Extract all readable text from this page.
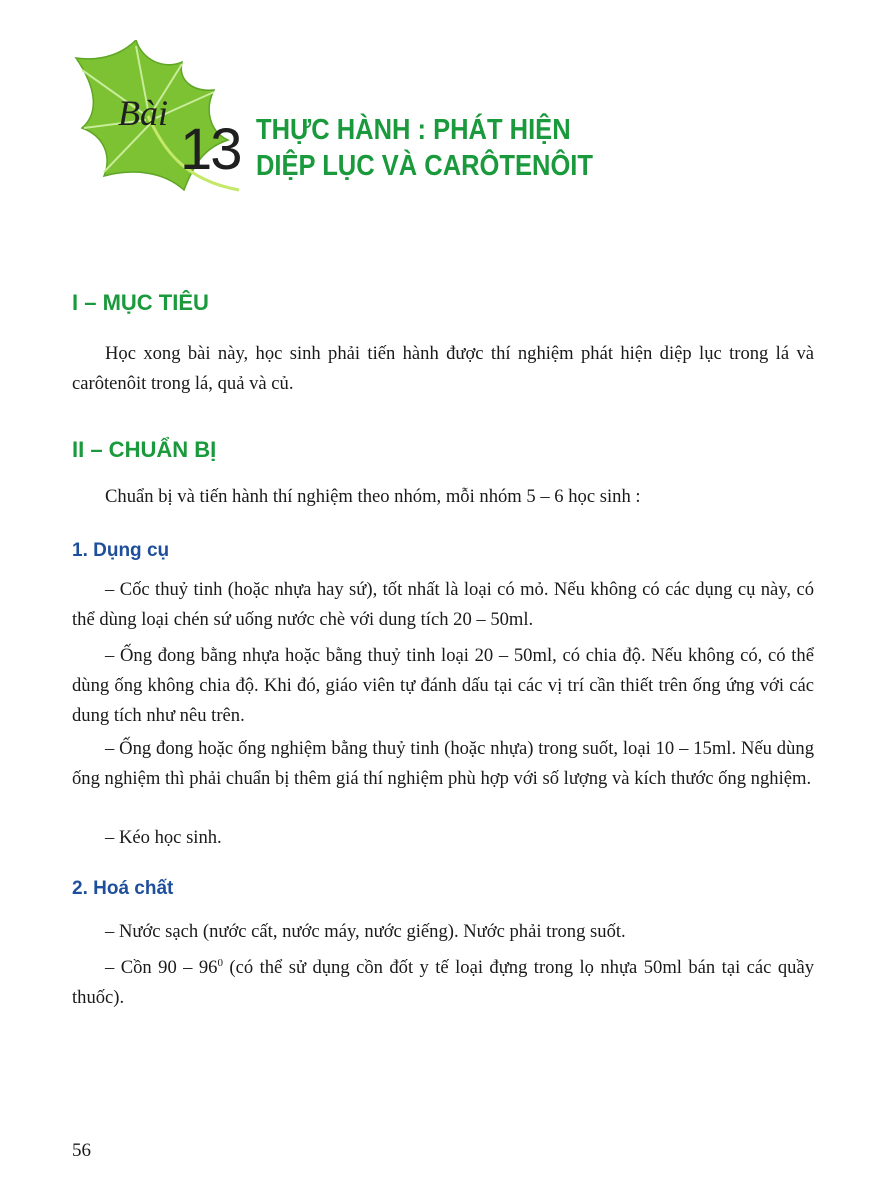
Bài
13 THỰC HÀNH : PHÁT HIỆN
DIỆP LỤC VÀ CARÔTENÔIT
I – MỤC TIÊU

Học xong bài này, học sinh phải tiến hành được thí nghiệm phát hiện diệp lục trong lá và carôtenôit trong lá, quả và củ.

II – CHUẨN BỊ

Chuẩn bị và tiến hành thí nghiệm theo nhóm, mỗi nhóm 5 – 6 học sinh :

1. Dụng cụ

– Cốc thuỷ tinh (hoặc nhựa hay sứ), tốt nhất là loại có mỏ. Nếu không có các dụng cụ này, có thể dùng loại chén sứ uống nước chè với dung tích 20 – 50ml.

– Ống đong bằng nhựa hoặc bằng thuỷ tinh loại 20 – 50ml, có chia độ. Nếu không có, có thể dùng ống không chia độ. Khi đó, giáo viên tự đánh dấu tại các vị trí cần thiết trên ống ứng với các dung tích như nêu trên.

– Ống đong hoặc ống nghiệm bằng thuỷ tinh (hoặc nhựa) trong suốt, loại 10 – 15ml. Nếu dùng ống nghiệm thì phải chuẩn bị thêm giá thí nghiệm phù hợp với số lượng và kích thước ống nghiệm.

– Kéo học sinh.

2. Hoá chất

– Nước sạch (nước cất, nước máy, nước giếng). Nước phải trong suốt.

– Cồn $90 - 96^0$ (có thể sử dụng cồn đốt y tế loại đựng trong lọ nhựa 50ml bán tại các quầy thuốc).

56
